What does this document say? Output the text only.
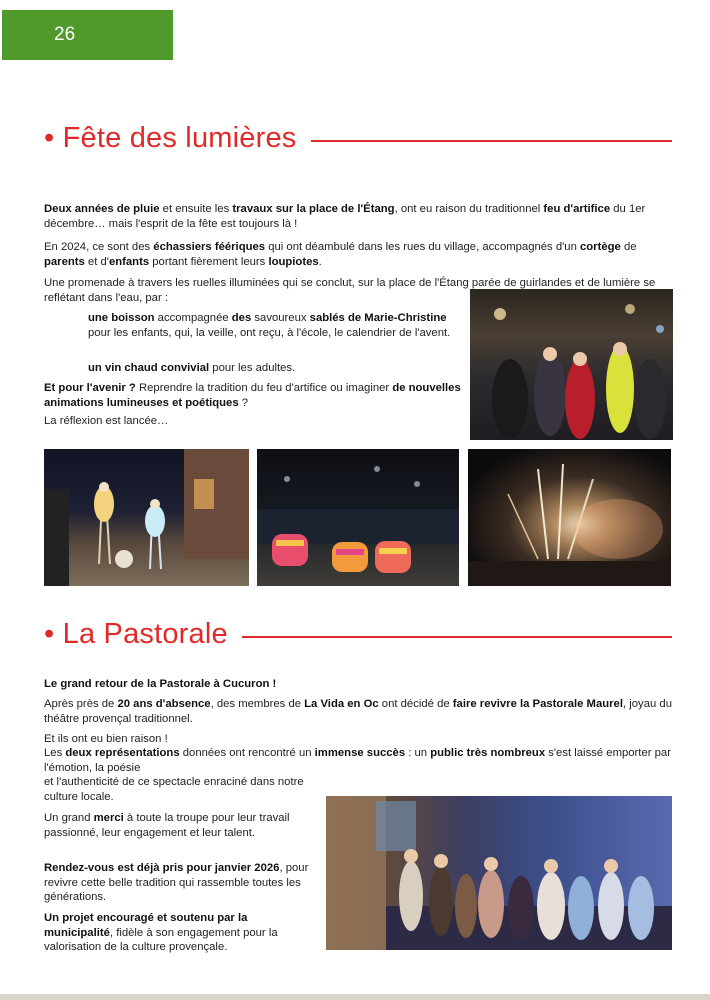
26
• Fête des lumières
Deux années de pluie et ensuite les travaux sur la place de l'Étang, ont eu raison du traditionnel feu d'artifice du 1er décembre… mais l'esprit de la fête est toujours là !
En 2024, ce sont des échassiers féériques qui ont déambulé dans les rues du village, accompagnés d'un cortège de parents et d'enfants portant fièrement leurs loupiotes.
Une promenade à travers les ruelles illuminées qui se conclut, sur la place de l'Étang parée de guirlandes et de lumière se reflétant dans l'eau, par :
une boisson accompagnée des savoureux sablés de Marie-Christine pour les enfants, qui, la veille, ont reçu, à l'école, le calendrier de l'avent.
un vin chaud convivial pour les adultes.
Et pour l'avenir ? Reprendre la tradition du feu d'artifice ou imaginer de nouvelles animations lumineuses et poétiques ?
La réflexion est lancée…
• La Pastorale
Le grand retour de la Pastorale à Cucuron !
Après près de 20 ans d'absence, des membres de La Vida en Oc ont décidé de faire revivre la Pastorale Maurel, joyau du théâtre provençal traditionnel.
Et ils ont eu bien raison !
Les deux représentations données ont rencontré un immense succès : un public très nombreux s'est laissé emporter par l'émotion, la poésie
et l'authenticité de ce spectacle enraciné dans notre culture locale.
Un grand merci à toute la troupe pour leur travail passionné, leur engagement et leur talent.
Rendez-vous est déjà pris pour janvier 2026, pour revivre cette belle tradition qui rassemble toutes les générations.
Un projet encouragé et soutenu par la municipalité, fidèle à son engagement pour la valorisation de la culture provençale.
